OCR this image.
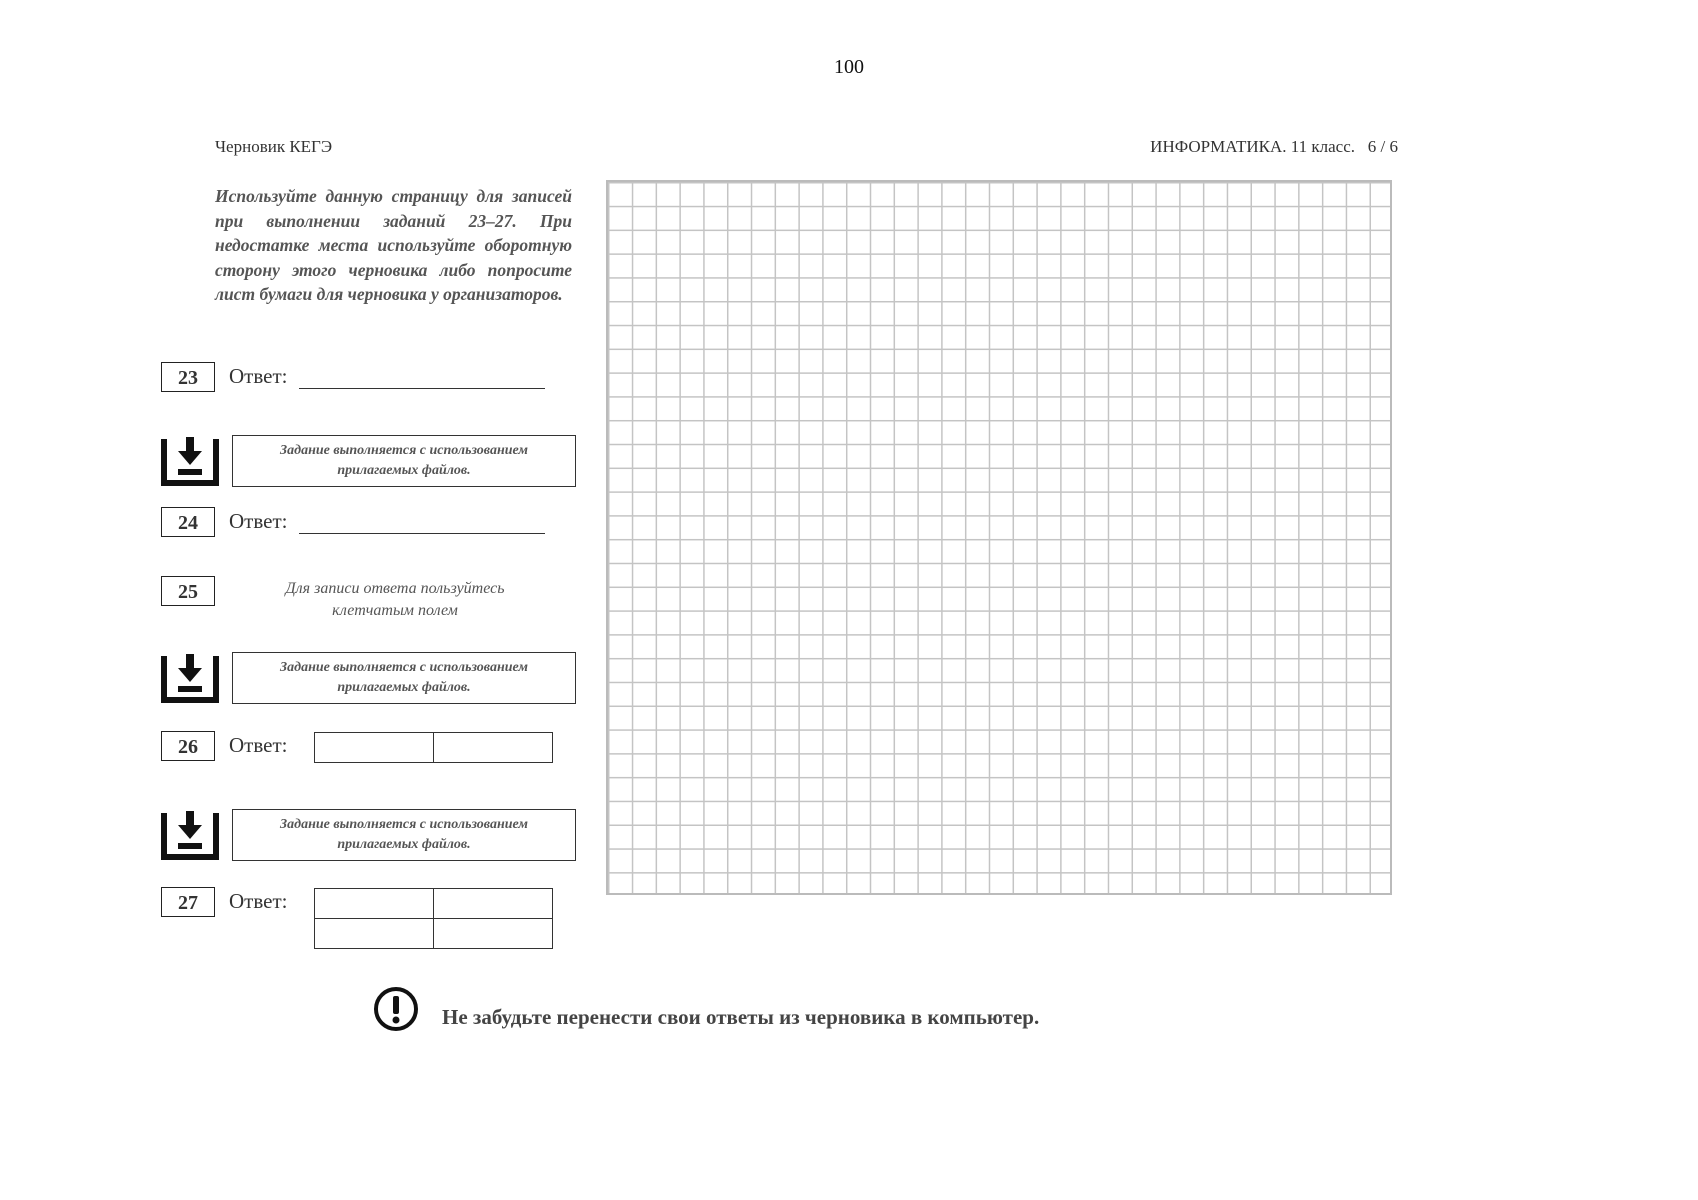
100
Черновик КЕГЭ	ИНФОРМАТИКА. 11 класс.   6 / 6
Используйте данную страницу для записей при выполнении заданий 23–27. При недостатке места используйте оборотную сторону этого черновика либо попросите лист бумаги для черновика у организаторов.
23	Ответ:
Задание выполняется с использованием
прилагаемых файлов.
24	Ответ:
25	Для записи ответа пользуйтесь
клетчатым полем
Задание выполняется с использованием
прилагаемых файлов.
26	Ответ:

Задание выполняется с использованием
прилагаемых файлов.
27	Ответ:

Не забудьте перенести свои ответы из черновика в компьютер.
